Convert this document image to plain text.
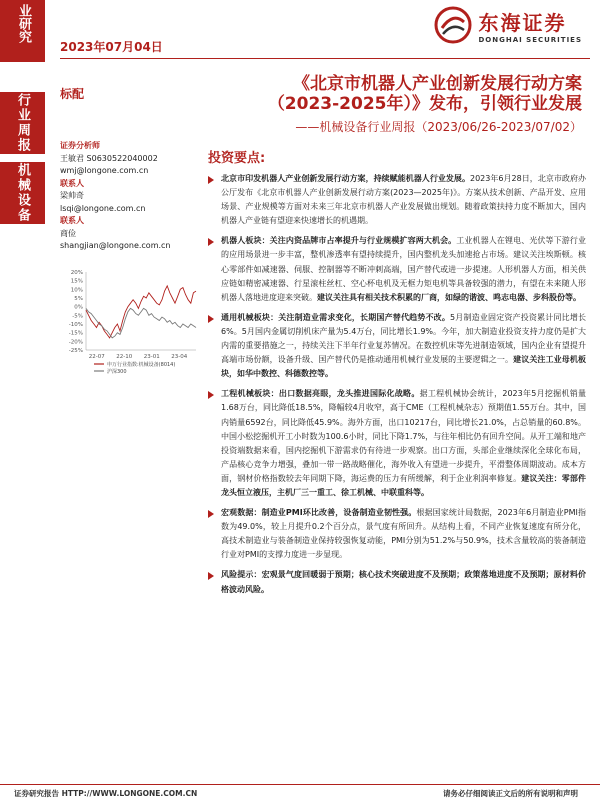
业研究
2023年07月04日
东海证券
DONGHAI SECURITIES
行业周报
机械设备
标配	《北京市机器人产业创新发展行动方案
（2023-2025年）》发布，引领行业发展
——机械设备行业周报（2023/06/26-2023/07/02）
证券分析师
王敏君 S0630522040002
wmj@longone.com.cn
联系人
梁帅奇
lsqi@longone.com.cn
联系人
商俭
shangjian@longone.com.cn
20%
15%
10%
5%
0%
-5%
-10%
-15%
-20%
-25%
22-07 22-10 23-01 23-04
申万行业指数:机械设备(8014)
沪深300
投资要点:
北京市印发机器人产业创新发展行动方案，持续赋能机器人行业发展。2023年6月28日，北京市政府办公厅发布《北京市机器人产业创新发展行动方案(2023—2025年)》。方案从技术创新、产品开发、应用场景、产业规模等方面对未来三年北京市机器人产业发展做出规划。随着政策扶持力度不断加大，国内机器人产业链有望迎来快速增长的机遇期。
机器人板块：关注内资品牌市占率提升与行业规模扩容两大机会。工业机器人在锂电、光伏等下游行业的应用场景进一步丰富，整机渗透率有望持续提升，国内整机龙头加速抢占市场。建议关注埃斯顿。核心零部件如减速器、伺服、控制器等不断冲刺高端，国产替代或进一步提速。人形机器人方面，相关供应链如精密减速器、行星滚柱丝杠、空心杯电机及无框力矩电机等具备较强的潜力，有望在未来随人形机器人落地进度迎来突破。建议关注具有相关技术积累的厂商，如绿的谐波、鸣志电器、步科股份等。
通用机械板块：关注制造业需求变化，长期国产替代趋势不改。5月制造业固定资产投资累计同比增长6%。5月国内金属切削机床产量为5.4万台，同比增长1.9%。今年，加大制造业投资支持力度仍是扩大内需的重要措施之一，持续关注下半年行业复苏情况。在数控机床等先进制造领域，国内企业有望提升高端市场份额，设备升级、国产替代仍是推动通用机械行业发展的主要逻辑之一。建议关注工业母机板块，如华中数控、科德数控等。
工程机械板块：出口数据亮眼，龙头推进国际化战略。据工程机械协会统计，2023年5月挖掘机销量1.68万台，同比降低18.5%，降幅较4月收窄，高于CME（工程机械杂志）预期值1.55万台。其中，国内销量6592台，同比降低45.9%。海外方面，出口10217台，同比增长21.0%，占总销量的60.8%。中国小松挖掘机开工小时数为100.6小时，同比下降1.7%，与往年相比仍有回升空间。从开工端和地产投资端数据来看，国内挖掘机下游需求仍有待进一步观察。出口方面，头部企业继续深化全球化布局，产品核心竞争力增强，叠加一带一路战略催化，海外收入有望进一步提升，平滑整体周期波动。成本方面，钢材价格指数较去年同期下降，海运费的压力有所缓解，利于企业利润率修复。建议关注：零部件龙头恒立液压，主机厂三一重工、徐工机械、中联重科等。
宏观数据：制造业PMI环比改善，设备制造业韧性强。根据国家统计局数据，2023年6月制造业PMI指数为49.0%，较上月提升0.2个百分点，景气度有所回升。从结构上看，不同产业恢复速度有所分化，高技术制造业与装备制造业保持较强恢复动能，PMI分别为51.2%与50.9%，技术含量较高的装备制造行业对PMI的支撑力度进一步显现。
风险提示：宏观景气度回暖弱于预期；核心技术突破进度不及预期；政策落地进度不及预期；原材料价格波动风险。
证券研究报告 HTTP://WWW.LONGONE.COM.CN	请务必仔细阅读正文后的所有说明和声明
